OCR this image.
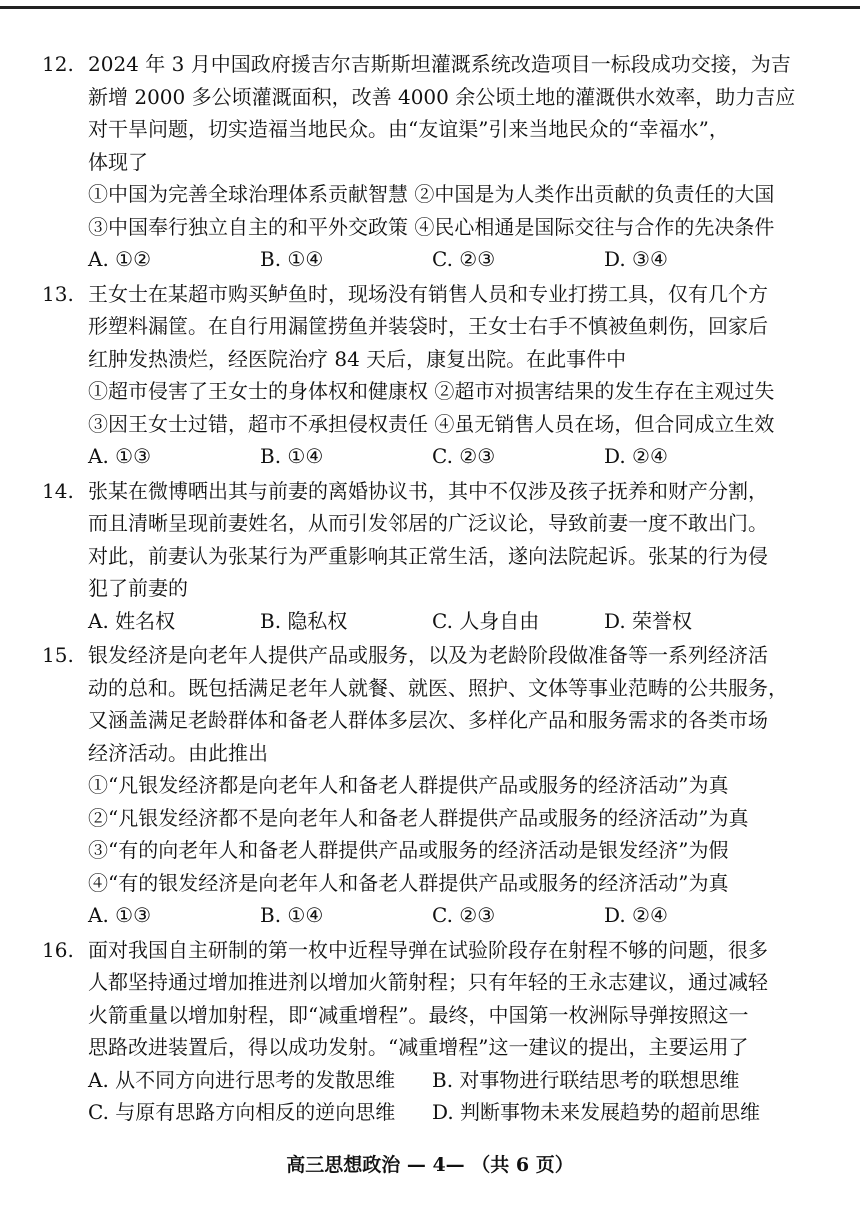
12. 2024 年 3 月中国政府援吉尔吉斯斯坦灌溉系统改造项目一标段成功交接，为吉
新增 2000 多公顷灌溉面积，改善 4000 余公顷土地的灌溉供水效率，助力吉应
对干旱问题，切实造福当地民众。由“友谊渠”引来当地民众的“幸福水”，
体现了
①中国为完善全球治理体系贡献智慧 ②中国是为人类作出贡献的负责任的大国
③中国奉行独立自主的和平外交政策 ④民心相通是国际交往与合作的先决条件
A. ①②	B. ①④	C. ②③	D. ③④
13. 王女士在某超市购买鲈鱼时，现场没有销售人员和专业打捞工具，仅有几个方
形塑料漏筐。在自行用漏筐捞鱼并装袋时，王女士右手不慎被鱼刺伤，回家后
红肿发热溃烂，经医院治疗 84 天后，康复出院。在此事件中
①超市侵害了王女士的身体权和健康权 ②超市对损害结果的发生存在主观过失
③因王女士过错，超市不承担侵权责任 ④虽无销售人员在场，但合同成立生效
A. ①③	B. ①④	C. ②③	D. ②④
14. 张某在微博晒出其与前妻的离婚协议书，其中不仅涉及孩子抚养和财产分割，
而且清晰呈现前妻姓名，从而引发邻居的广泛议论，导致前妻一度不敢出门。
对此，前妻认为张某行为严重影响其正常生活，遂向法院起诉。张某的行为侵
犯了前妻的
A. 姓名权	B. 隐私权	C. 人身自由	D. 荣誉权
15. 银发经济是向老年人提供产品或服务，以及为老龄阶段做准备等一系列经济活
动的总和。既包括满足老年人就餐、就医、照护、文体等事业范畴的公共服务，
又涵盖满足老龄群体和备老人群体多层次、多样化产品和服务需求的各类市场
经济活动。由此推出
①“凡银发经济都是向老年人和备老人群提供产品或服务的经济活动”为真
②“凡银发经济都不是向老年人和备老人群提供产品或服务的经济活动”为真
③“有的向老年人和备老人群提供产品或服务的经济活动是银发经济”为假
④“有的银发经济是向老年人和备老人群提供产品或服务的经济活动”为真
A. ①③	B. ①④	C. ②③	D. ②④
16. 面对我国自主研制的第一枚中近程导弹在试验阶段存在射程不够的问题，很多
人都坚持通过增加推进剂以增加火箭射程；只有年轻的王永志建议，通过减轻
火箭重量以增加射程，即“减重增程”。最终，中国第一枚洲际导弹按照这一
思路改进装置后，得以成功发射。“减重增程”这一建议的提出，主要运用了
A. 从不同方向进行思考的发散思维	B. 对事物进行联结思考的联想思维
C. 与原有思路方向相反的逆向思维	D. 判断事物未来发展趋势的超前思维
高三思想政治 — 4— （共 6 页）
